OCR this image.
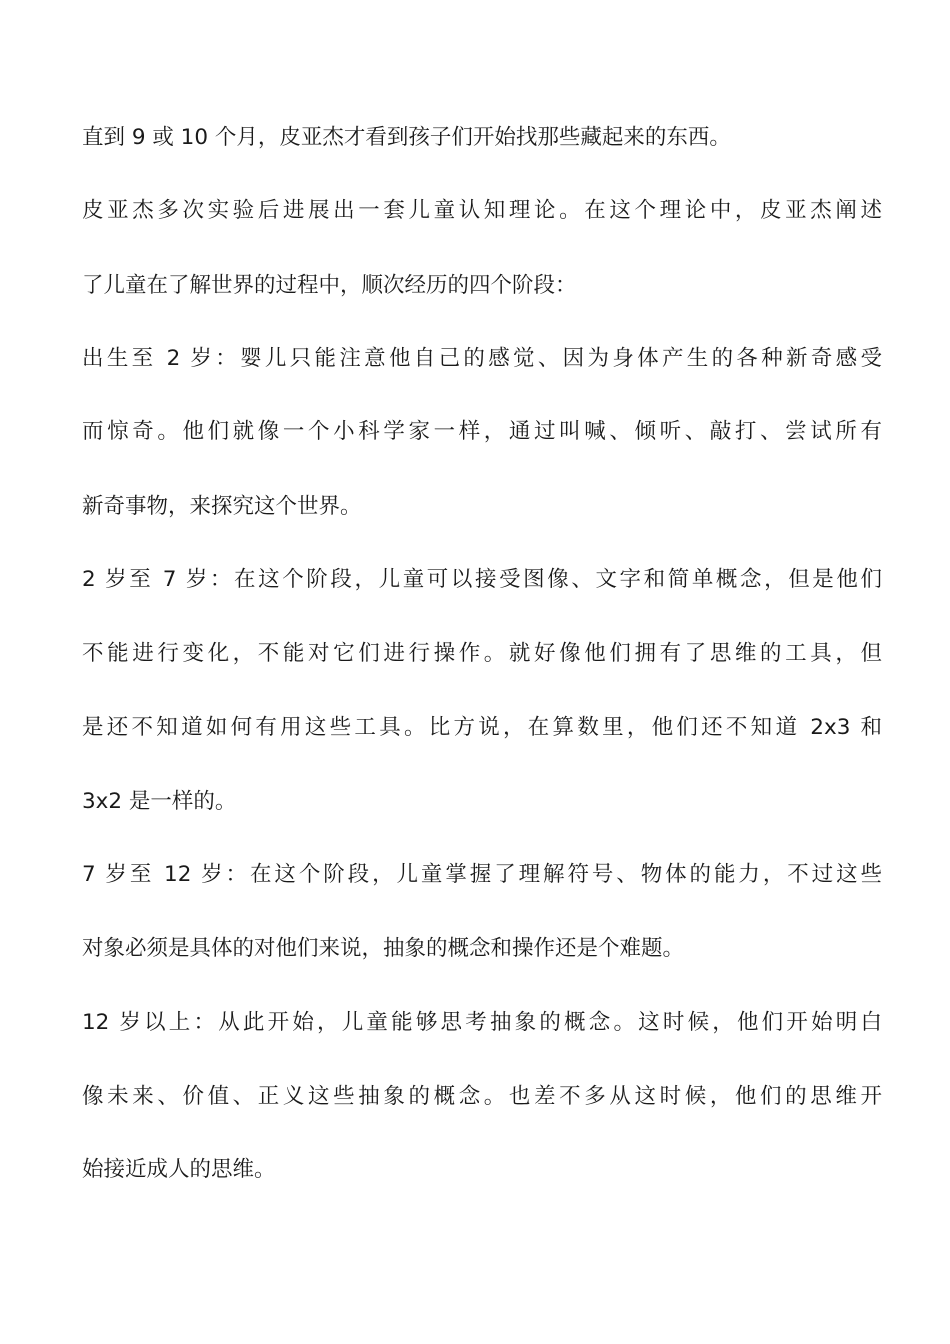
直到 9 或 10 个月，皮亚杰才看到孩子们开始找那些藏起来的东西。
皮亚杰多次实验后进展出一套儿童认知理论。在这个理论中，皮亚杰阐述
了儿童在了解世界的过程中，顺次经历的四个阶段：
出生至 2 岁：婴儿只能注意他自己的感觉、因为身体产生的各种新奇感受
而惊奇。他们就像一个小科学家一样，通过叫喊、倾听、敲打、尝试所有
新奇事物，来探究这个世界。
2 岁至 7 岁：在这个阶段，儿童可以接受图像、文字和简单概念，但是他们
不能进行变化，不能对它们进行操作。就好像他们拥有了思维的工具，但
是还不知道如何有用这些工具。比方说，在算数里，他们还不知道 2x3 和
3x2 是一样的。
7 岁至 12 岁：在这个阶段，儿童掌握了理解符号、物体的能力，不过这些
对象必须是具体的对他们来说，抽象的概念和操作还是个难题。
12 岁以上：从此开始，儿童能够思考抽象的概念。这时候，他们开始明白
像未来、价值、正义这些抽象的概念。也差不多从这时候，他们的思维开
始接近成人的思维。
